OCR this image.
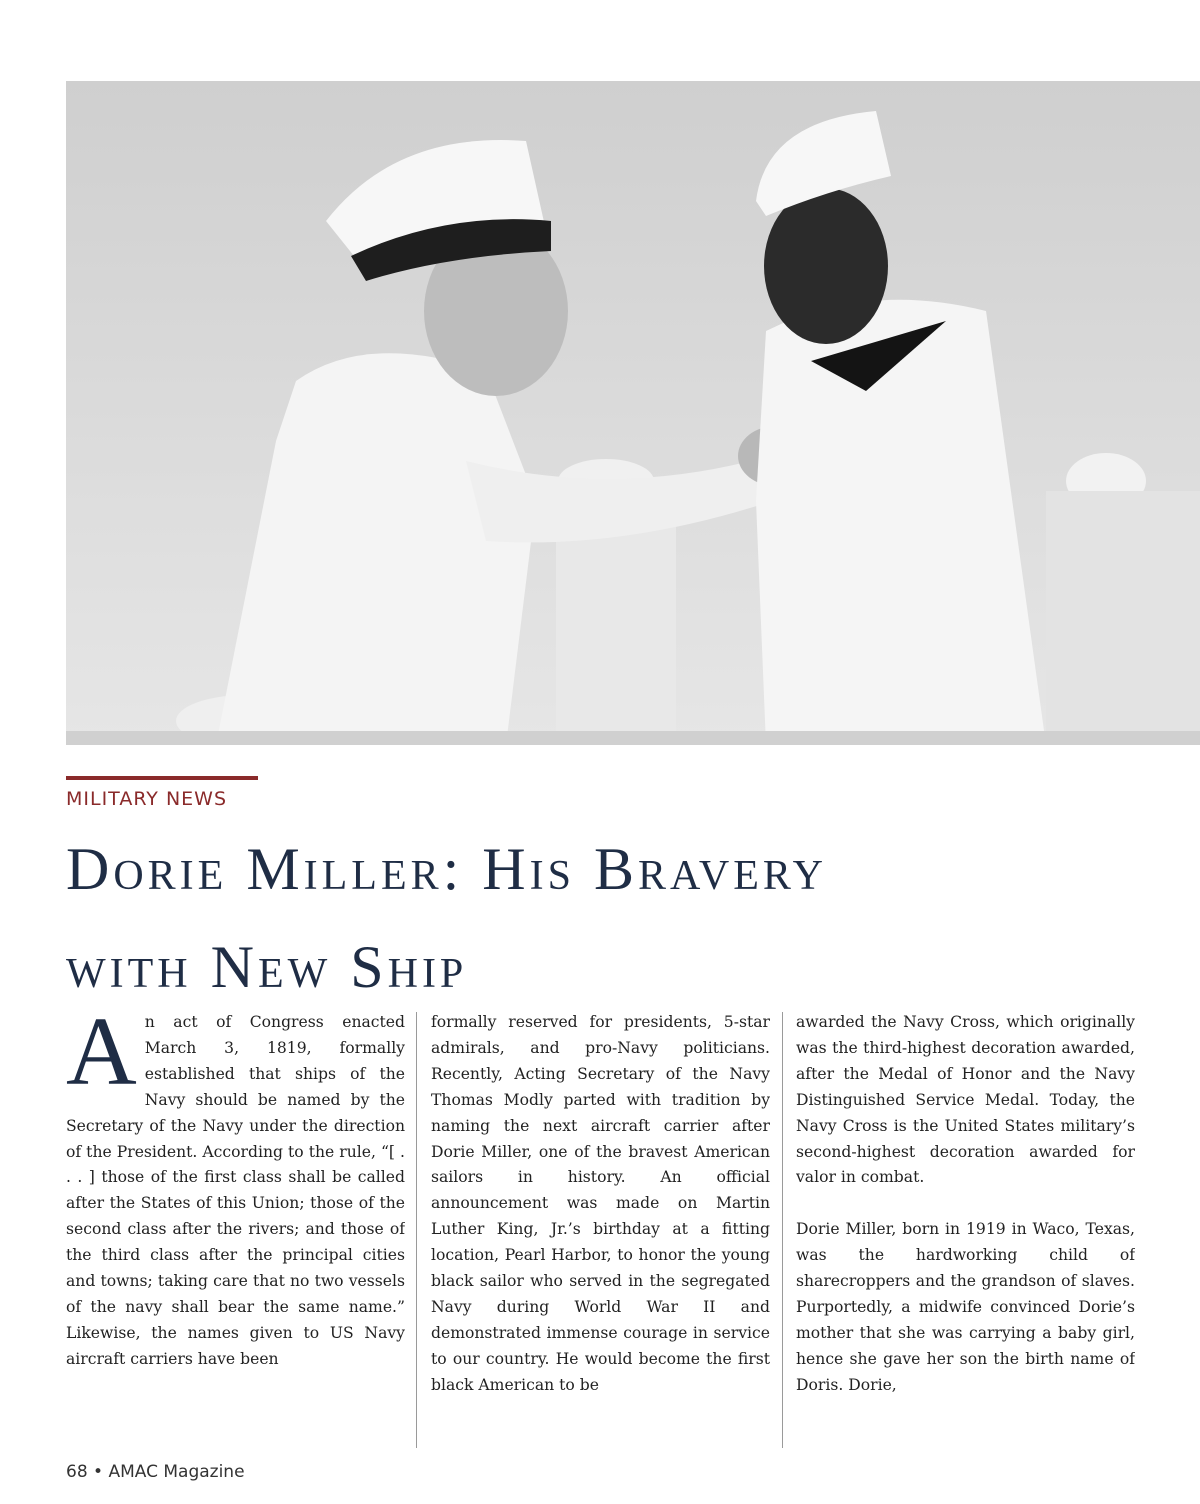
MILITARY NEWS
Dorie Miller: His Bravery
with New Ship
A n act of Congress enacted March 3, 1819, formally established that ships of the Navy should be named by the Secretary of the Navy under the direction of the President. According to the rule, “[ . . . ] those of the first class shall be called after the States of this Union; those of the second class after the rivers; and those of the third class after the principal cities and towns; taking care that no two vessels of the navy shall bear the same name.” Likewise, the names given to US Navy aircraft carriers have been
formally reserved for presidents, 5-star admirals, and pro-Navy politicians. Recently, Acting Secretary of the Navy Thomas Modly parted with tradition by naming the next aircraft carrier after Dorie Miller, one of the bravest American sailors in history. An official announcement was made on Martin Luther King, Jr.’s birthday at a fitting location, Pearl Harbor, to honor the young black sailor who served in the segregated Navy during World War II and demonstrated immense courage in service to our country. He would become the first black American to be

awarded the Navy Cross, which originally was the third-highest decoration awarded, after the Medal of Honor and the Navy Distinguished Service Medal. Today, the Navy Cross is the United States military’s second-highest decoration awarded for valor in combat.

Dorie Miller, born in 1919 in Waco, Texas, was the hardworking child of sharecroppers and the grandson of slaves. Purportedly, a midwife convinced Dorie’s mother that she was carrying a baby girl, hence she gave her son the birth name of Doris. Dorie,

68 • AMAC Magazine
